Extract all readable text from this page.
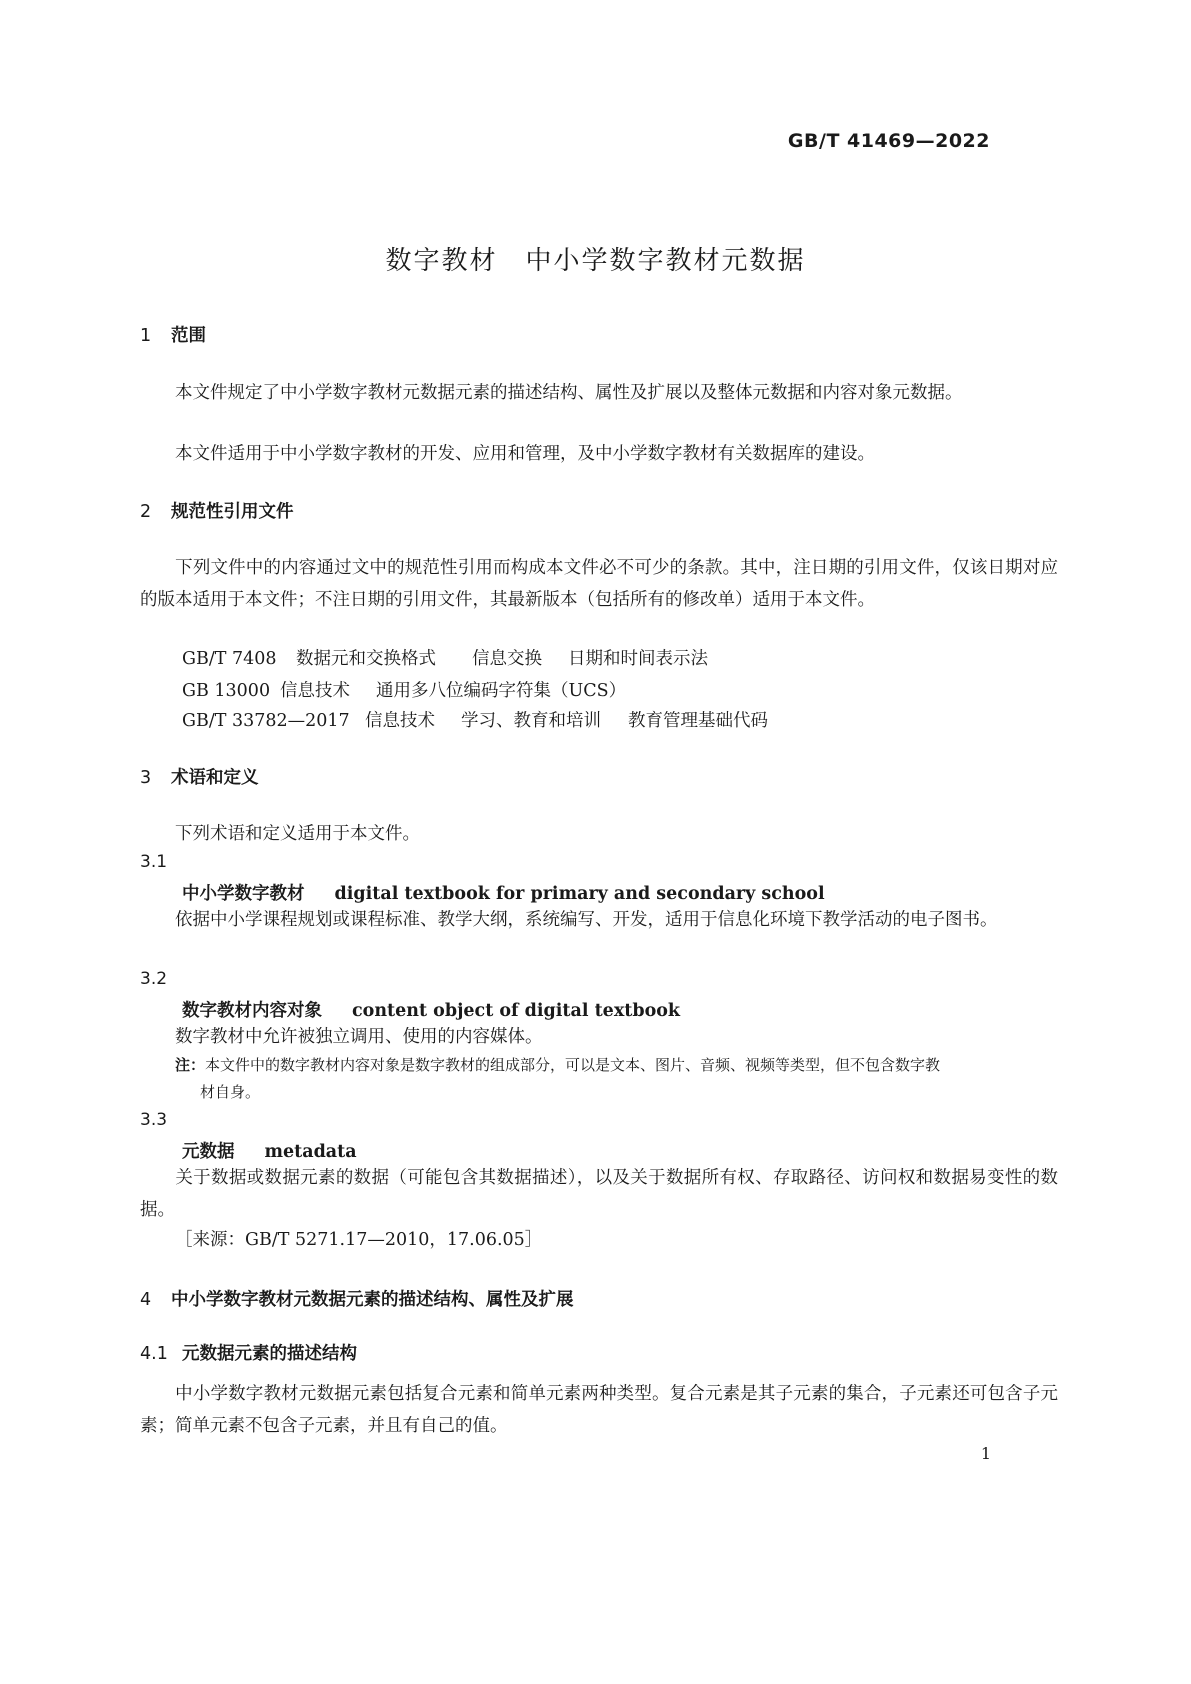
GB/T 41469—2022
数字教材　中小学数字教材元数据
1 范围
本文件规定了中小学数字教材元数据元素的描述结构、属性及扩展以及整体元数据和内容对象元数据。
本文件适用于中小学数字教材的开发、应用和管理，及中小学数字教材有关数据库的建设。
2 规范性引用文件
下列文件中的内容通过文中的规范性引用而构成本文件必不可少的条款。其中，注日期的引用文件，仅该日期对应的版本适用于本文件；不注日期的引用文件，其最新版本（包括所有的修改单）适用于本文件。
GB/T 7408 数据元和交换格式 信息交换 日期和时间表示法
GB 13000 信息技术 通用多八位编码字符集（UCS）
GB/T 33782—2017 信息技术 学习、教育和培训 教育管理基础代码
3 术语和定义
下列术语和定义适用于本文件。
3.1
中小学数字教材 digital textbook for primary and secondary school
依据中小学课程规划或课程标准、教学大纲，系统编写、开发，适用于信息化环境下教学活动的电子图书。
3.2
数字教材内容对象 content object of digital textbook
数字教材中允许被独立调用、使用的内容媒体。
注：本文件中的数字教材内容对象是数字教材的组成部分，可以是文本、图片、音频、视频等类型，但不包含数字教
材自身。
3.3
元数据 metadata
关于数据或数据元素的数据（可能包含其数据描述），以及关于数据所有权、存取路径、访问权和数据易变性的数据。
［来源：GB/T 5271.17—2010，17.06.05］
4 中小学数字教材元数据元素的描述结构、属性及扩展
4.1 元数据元素的描述结构
中小学数字教材元数据元素包括复合元素和简单元素两种类型。复合元素是其子元素的集合，子元素还可包含子元素；简单元素不包含子元素，并且有自己的值。
1
